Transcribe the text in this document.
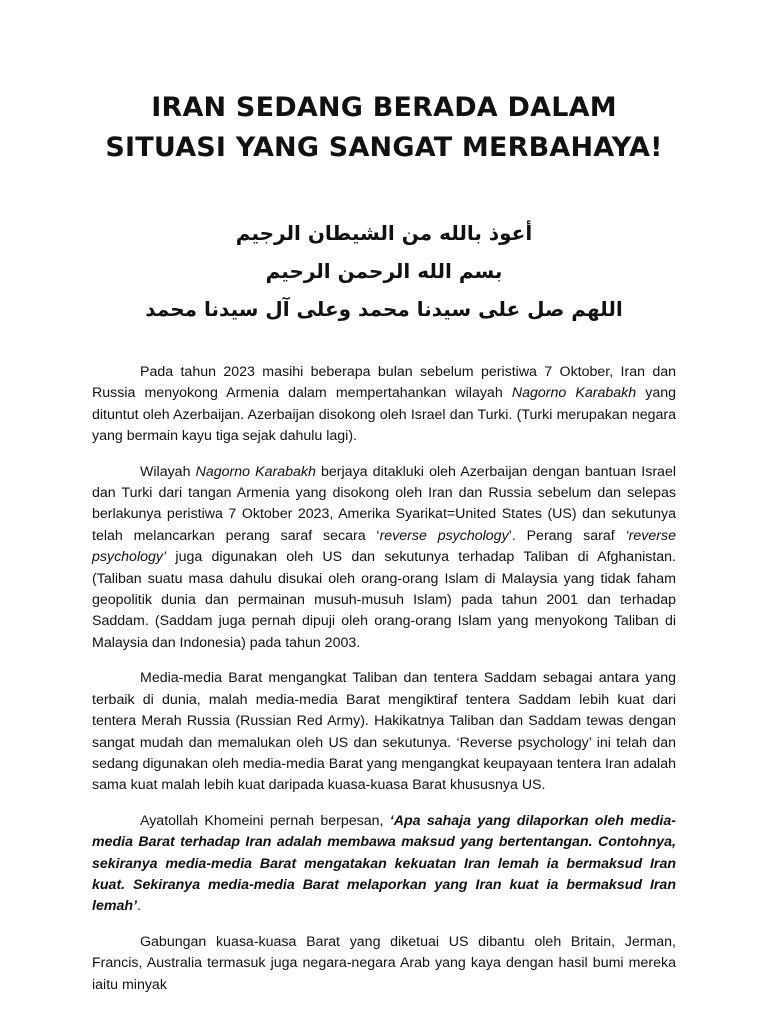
IRAN SEDANG BERADA DALAM
SITUASI YANG SANGAT MERBAHAYA!
أعوذ بالله من الشيطان الرجيم
بسم الله الرحمن الرحيم
اللهم صل على سيدنا محمد وعلى آل سيدنا محمد

Pada tahun 2023 masihi beberapa bulan sebelum peristiwa 7 Oktober, Iran dan Russia menyokong Armenia dalam mempertahankan wilayah Nagorno Karabakh yang dituntut oleh Azerbaijan. Azerbaijan disokong oleh Israel dan Turki. (Turki merupakan negara yang bermain kayu tiga sejak dahulu lagi).

Wilayah Nagorno Karabakh berjaya ditakluki oleh Azerbaijan dengan bantuan Israel dan Turki dari tangan Armenia yang disokong oleh Iran dan Russia sebelum dan selepas berlakunya peristiwa 7 Oktober 2023, Amerika Syarikat=United States (US) dan sekutunya telah melancarkan perang saraf secara ‘reverse psychology’. Perang saraf ‘reverse psychology’ juga digunakan oleh US dan sekutunya terhadap Taliban di Afghanistan. (Taliban suatu masa dahulu disukai oleh orang-orang Islam di Malaysia yang tidak faham geopolitik dunia dan permainan musuh-musuh Islam) pada tahun 2001 dan terhadap Saddam. (Saddam juga pernah dipuji oleh orang-orang Islam yang menyokong Taliban di Malaysia dan Indonesia) pada tahun 2003.

Media-media Barat mengangkat Taliban dan tentera Saddam sebagai antara yang terbaik di dunia, malah media-media Barat mengiktiraf tentera Saddam lebih kuat dari tentera Merah Russia (Russian Red Army). Hakikatnya Taliban dan Saddam tewas dengan sangat mudah dan memalukan oleh US dan sekutunya. ‘Reverse psychology’ ini telah dan sedang digunakan oleh media-media Barat yang mengangkat keupayaan tentera Iran adalah sama kuat malah lebih kuat daripada kuasa-kuasa Barat khususnya US.

Ayatollah Khomeini pernah berpesan, ‘Apa sahaja yang dilaporkan oleh media-media Barat terhadap Iran adalah membawa maksud yang bertentangan. Contohnya, sekiranya media-media Barat mengatakan kekuatan Iran lemah ia bermaksud Iran kuat. Sekiranya media-media Barat melaporkan yang Iran kuat ia bermaksud Iran lemah’.

Gabungan kuasa-kuasa Barat yang diketuai US dibantu oleh Britain, Jerman, Francis, Australia termasuk juga negara-negara Arab yang kaya dengan hasil bumi mereka iaitu minyak
